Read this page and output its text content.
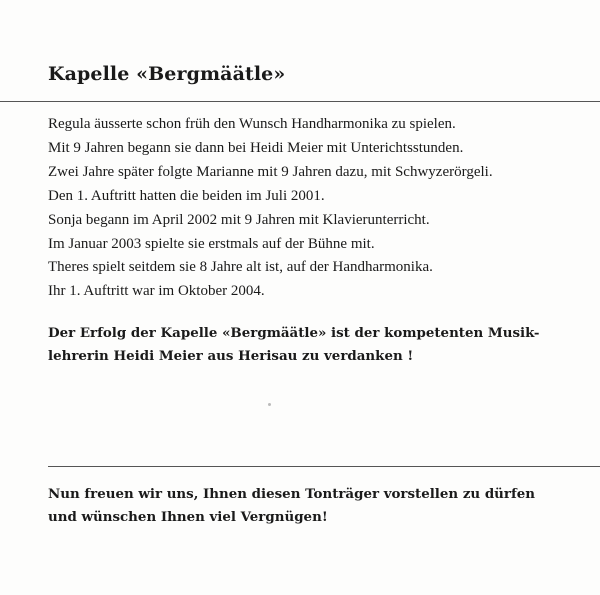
Kapelle «Bergmäätle»
Regula äusserte schon früh den Wunsch Handharmonika zu spielen.
Mit 9 Jahren begann sie dann bei Heidi Meier mit Unterichtsstunden.
Zwei Jahre später folgte Marianne mit 9 Jahren dazu, mit Schwyzerörgeli.
Den 1. Auftritt hatten die beiden im Juli 2001.
Sonja begann im April 2002 mit 9 Jahren mit Klavierunterricht.
Im Januar 2003 spielte sie erstmals auf der Bühne mit.
Theres spielt seitdem sie 8 Jahre alt ist, auf der Handharmonika.
Ihr 1. Auftritt war im Oktober 2004.
Der Erfolg der Kapelle «Bergmäätle» ist der kompetenten Musik-
lehrerin Heidi Meier aus Herisau zu verdanken !
Nun freuen wir uns, Ihnen diesen Tonträger vorstellen zu dürfen
und wünschen Ihnen viel Vergnügen!
